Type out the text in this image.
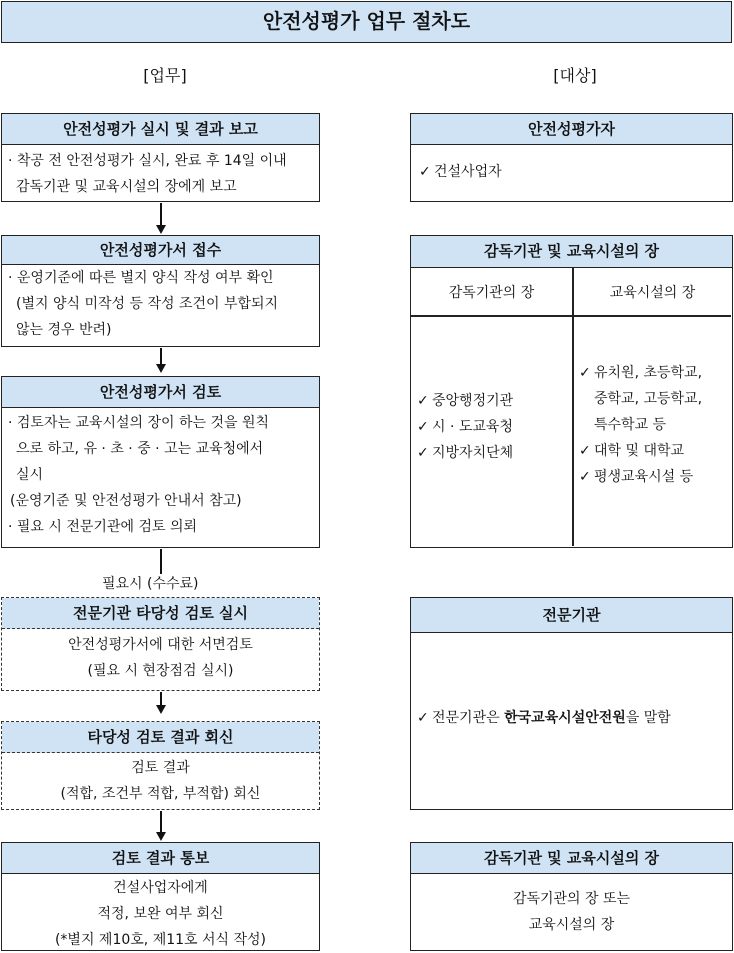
안전성평가 업무 절차도
[업무]	[대상]
안전성평가 실시 및 결과 보고
· 착공 전 안전성평가 실시, 완료 후 14일 이내
감독기관 및 교육시설의 장에게 보고
안전성평가서 접수
· 운영기준에 따른 별지 양식 작성 여부 확인
(별지 양식 미작성 등 작성 조건이 부합되지
않는 경우 반려)
안전성평가서 검토
· 검토자는 교육시설의 장이 하는 것을 원칙
으로 하고, 유 · 초 · 중 · 고는 교육청에서
실시
(운영기준 및 안전성평가 안내서 참고)
· 필요 시 전문기관에 검토 의뢰
필요시 (수수료)
전문기관 타당성 검토 실시
안전성평가서에 대한 서면검토
(필요 시 현장점검 실시)
타당성 검토 결과 회신
검토 결과
(적합, 조건부 적합, 부적합) 회신
검토 결과 통보
건설사업자에게
적정, 보완 여부 회신
(*별지 제10호, 제11호 서식 작성)
안전성평가자
✓ 건설사업자
감독기관 및 교육시설의 장
감독기관의 장	교육시설의 장
✓ 중앙행정기관
✓ 시 · 도교육청
✓ 지방자치단체
✓ 유치원, 초등학교,
중학교, 고등학교,
특수학교 등
✓ 대학 및 대학교
✓ 평생교육시설 등
전문기관
✓ 전문기관은 한국교육시설안전원을 말함
감독기관 및 교육시설의 장
감독기관의 장 또는
교육시설의 장
